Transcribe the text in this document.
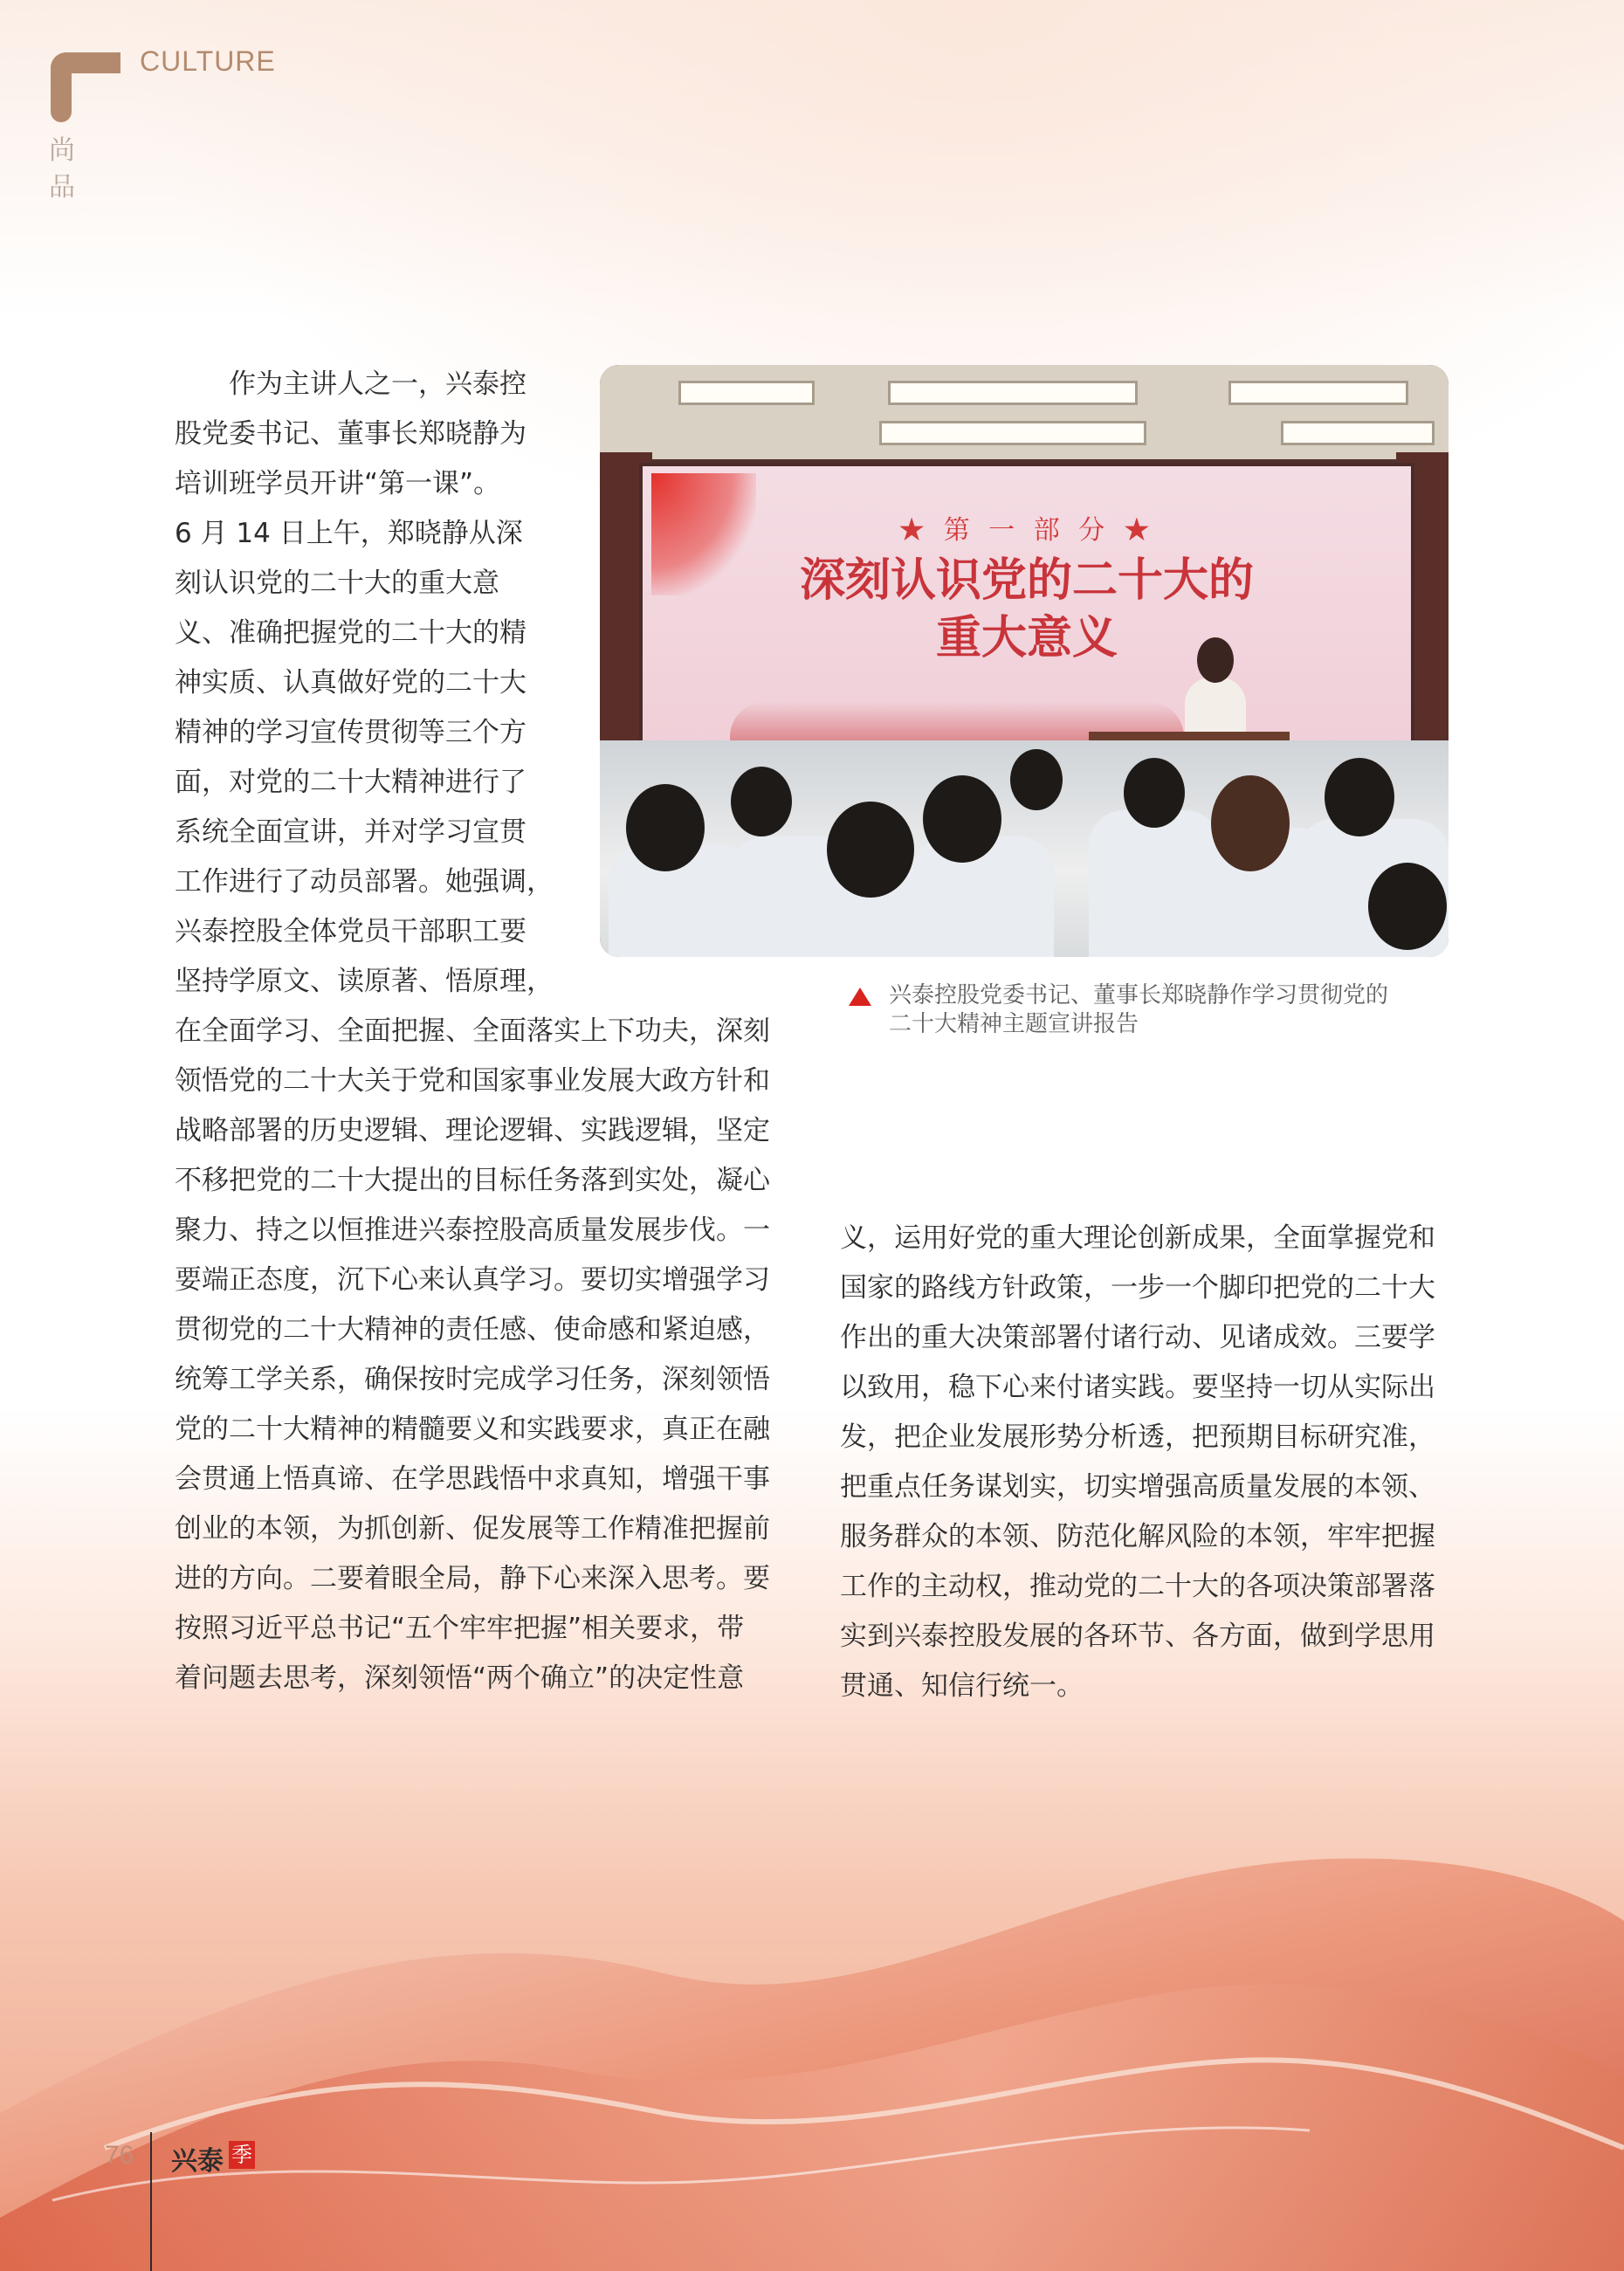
CULTURE
尚
品
★ 第 一 部 分 ★
深刻认识党的二十大的
重大意义
兴泰控股党委书记、董事长郑晓静作学习贯彻党的
二十大精神主题宣讲报告
　　作为主讲人之一，兴泰控
股党委书记、董事长郑晓静为
培训班学员开讲“第一课”。
6 月 14 日上午，郑晓静从深
刻认识党的二十大的重大意
义、准确把握党的二十大的精
神实质、认真做好党的二十大
精神的学习宣传贯彻等三个方
面，对党的二十大精神进行了
系统全面宣讲，并对学习宣贯
工作进行了动员部署。她强调，
兴泰控股全体党员干部职工要
坚持学原文、读原著、悟原理，
在全面学习、全面把握、全面落实上下功夫，深刻
领悟党的二十大关于党和国家事业发展大政方针和
战略部署的历史逻辑、理论逻辑、实践逻辑，坚定
不移把党的二十大提出的目标任务落到实处，凝心
聚力、持之以恒推进兴泰控股高质量发展步伐。一
要端正态度，沉下心来认真学习。要切实增强学习
贯彻党的二十大精神的责任感、使命感和紧迫感，
统筹工学关系，确保按时完成学习任务，深刻领悟
党的二十大精神的精髓要义和实践要求，真正在融
会贯通上悟真谛、在学思践悟中求真知，增强干事
创业的本领，为抓创新、促发展等工作精准把握前
进的方向。二要着眼全局，静下心来深入思考。要
按照习近平总书记“五个牢牢把握”相关要求，带
着问题去思考，深刻领悟“两个确立”的决定性意
义，运用好党的重大理论创新成果，全面掌握党和
国家的路线方针政策，一步一个脚印把党的二十大
作出的重大决策部署付诸行动、见诸成效。三要学
以致用，稳下心来付诸实践。要坚持一切从实际出
发，把企业发展形势分析透，把预期目标研究准，
把重点任务谋划实，切实增强高质量发展的本领、
服务群众的本领、防范化解风险的本领，牢牢把握
工作的主动权，推动党的二十大的各项决策部署落
实到兴泰控股发展的各环节、各方面，做到学思用
贯通、知信行统一。
76 兴泰 季
